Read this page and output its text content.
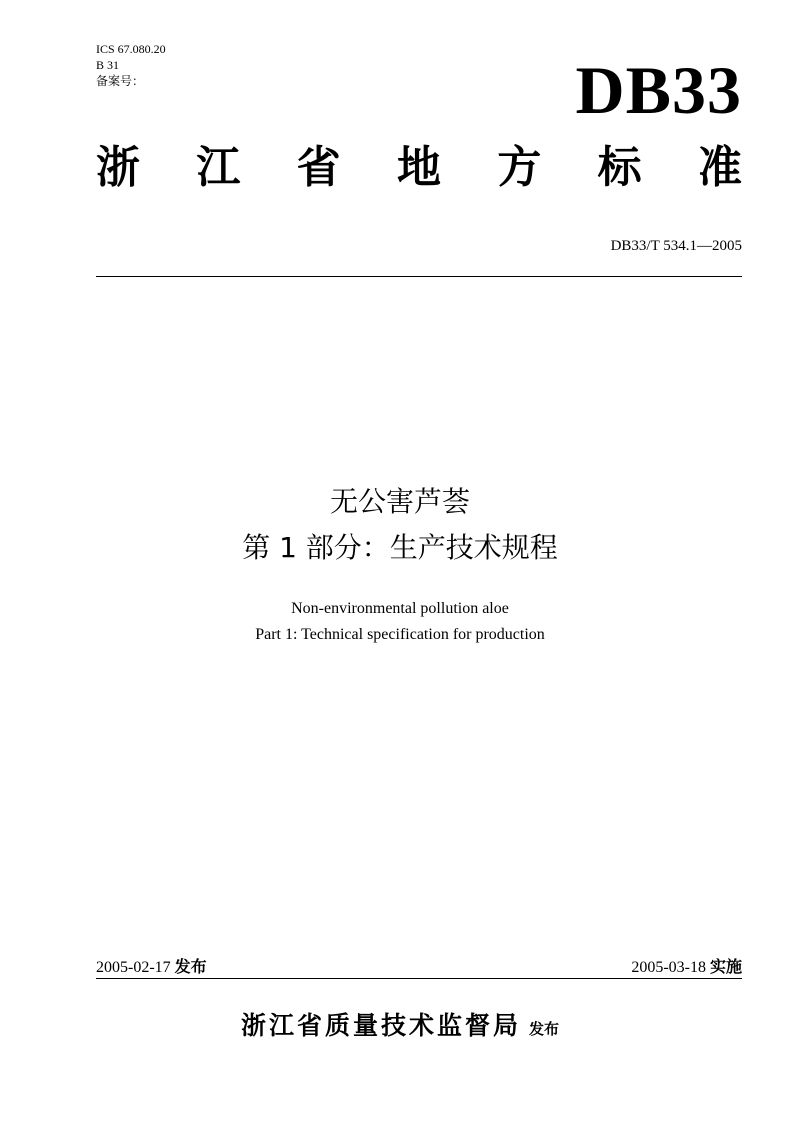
ICS 67.080.20
B 31
备案号：	DB33
浙 江 省 地 方 标 准
DB33/T 534.1—2005
无公害芦荟
第 1 部分：生产技术规程
Non-environmental pollution aloe
Part 1: Technical specification for production
2005-02-17 发布	2005-03-18 实施
浙江省质量技术监督局 发布
